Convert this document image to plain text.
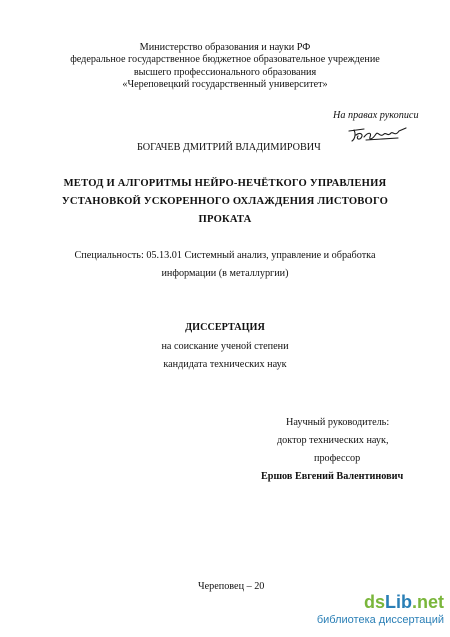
Министерство образования и науки РФ
федеральное государственное бюджетное образовательное учреждение
высшего профессионального образования
«Череповецкий государственный университет»
На правах рукописи
БОГАЧЕВ ДМИТРИЙ ВЛАДИМИРОВИЧ
МЕТОД И АЛГОРИТМЫ НЕЙРО-НЕЧЁТКОГО УПРАВЛЕНИЯ
УСТАНОВКОЙ УСКОРЕННОГО ОХЛАЖДЕНИЯ ЛИСТОВОГО
ПРОКАТА
Специальность: 05.13.01 Системный анализ, управление и обработка
информации (в металлургии)
ДИССЕРТАЦИЯ
на соискание ученой степени
кандидата технических наук
Научный руководитель:
доктор технических наук,
профессор
Ершов Евгений Валентинович
Череповец – 20
dsLib.net
библиотека диссертаций
